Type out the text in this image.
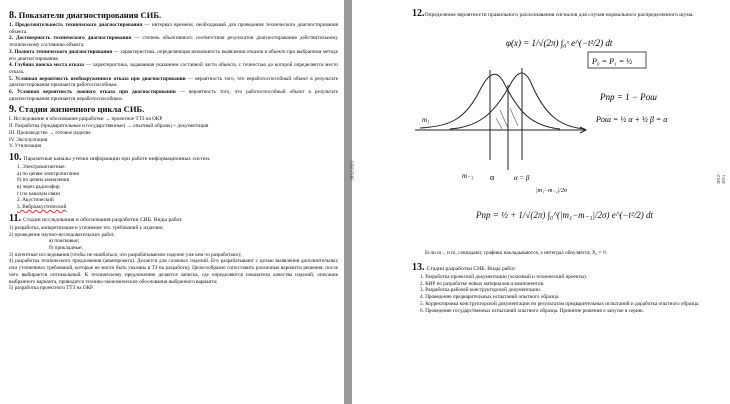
8. Показатели диагностирования СИБ.

1. Продолжительность технического диагностирования — интервал времени, необходимый для проведения технического диагностирования объекта.

2. Достоверность технического диагностирования — степень объективного соответствия результатов диагностирования действительному техническому состоянию объекта.

3. Полнота технического диагностирования — характеристика, определяющая возможность выявления отказов в объекте при выбранном методе его диагностирования.

4. Глубина поиска места отказа — характеристика, задаваемая указанием составной части объекта, с точностью до которой определяется место отказа.

5. Условная вероятность необнаруженного отказа при диагностировании — вероятность того, что неработоспособный объект в результате диагностирования признается работоспособным.

6. Условная вероятность ложного отказа при диагностировании — вероятность того, что работоспособный объект в результате диагностирования признается неработоспособным.

9. Стадии жизненного цикла СИБ.

I. Исследование и обоснование разработки → проектное ТТЗ на ОКР

II. Разработка (предварительные и государственные) → опытный образец + документация

III. Производство → готовое изделие

IV. Эксплуатация

V. Утилизация

10. Паразитные каналы утечки информации при работе информационных систем.

1. Электромагнитные:

а) по цепям электропитания

б) по цепям заземления

в) через радиоэфир

г) по каналам связи

2. Акустический

3. Виброакустический

11. Стадии исследования и обоснования разработки СИБ. Виды работ.

1) разработка, конкретизация и уточнение тех. требований к изделию;

2) проведение научно-исследовательских работ.

а) поисковые;

б) прикладные;

3) патентные исследования (чтобы не ошибаться, что разрабатываемое изделие уже кем-то разработано);

4) разработка технического предложения (аванпроекта). Делается для сложных изделий. Его разрабатывают с целью выявления дополнительных или уточненных требований, которые не могли быть указаны в ТЗ на разработку. Целесообразно сопоставить различные варианты решения, после чего выбирается оптимальный. К техническому предложению делается записка, где определяются показатели качества изделий, описание выбранного варианта, приводятся технико-экономические обоснования выбранного варианта;

5) разработка проектного ТТЗ на ОКР.

12.Определение вероятности правильного распознавания сигналов для случая нормального распределенного шума.
2012-2013	m₋₁ α	α = β
m₁
φ(x) = 1/√(2π) ∫₀ˣ e^(−t²/2) dt
P₀ = P₁ = ½
Pпр = 1 − Pош
Pош = ½ α + ½ β = α
|m₁−m₋₁|/2σ
Pпр = ½ + 1/√(2π) ∫₀^(|m₁−m₋₁|/2σ) e^(−t²/2) dt
Если m₋₁ и m₁ совпадают, графики накладываются, а интеграл обнуляется, P₀ = ½
13. Стадии разработки СИБ. Виды работ.

1. Разработка проектной документации (эскизный и технический проекты).

2. КИР по разработке новых материалов и компонентов.

3. Разработка рабочей конструкторской документации.

4. Проведение предварительных испытаний опытного образца.

5. Корректировка конструкторской документации по результатам предварительных испытаний и доработка опытного образца.

6. Проведение государственных испытаний опытного образца. Принятие решения о запуске в серию.

2012-2013
